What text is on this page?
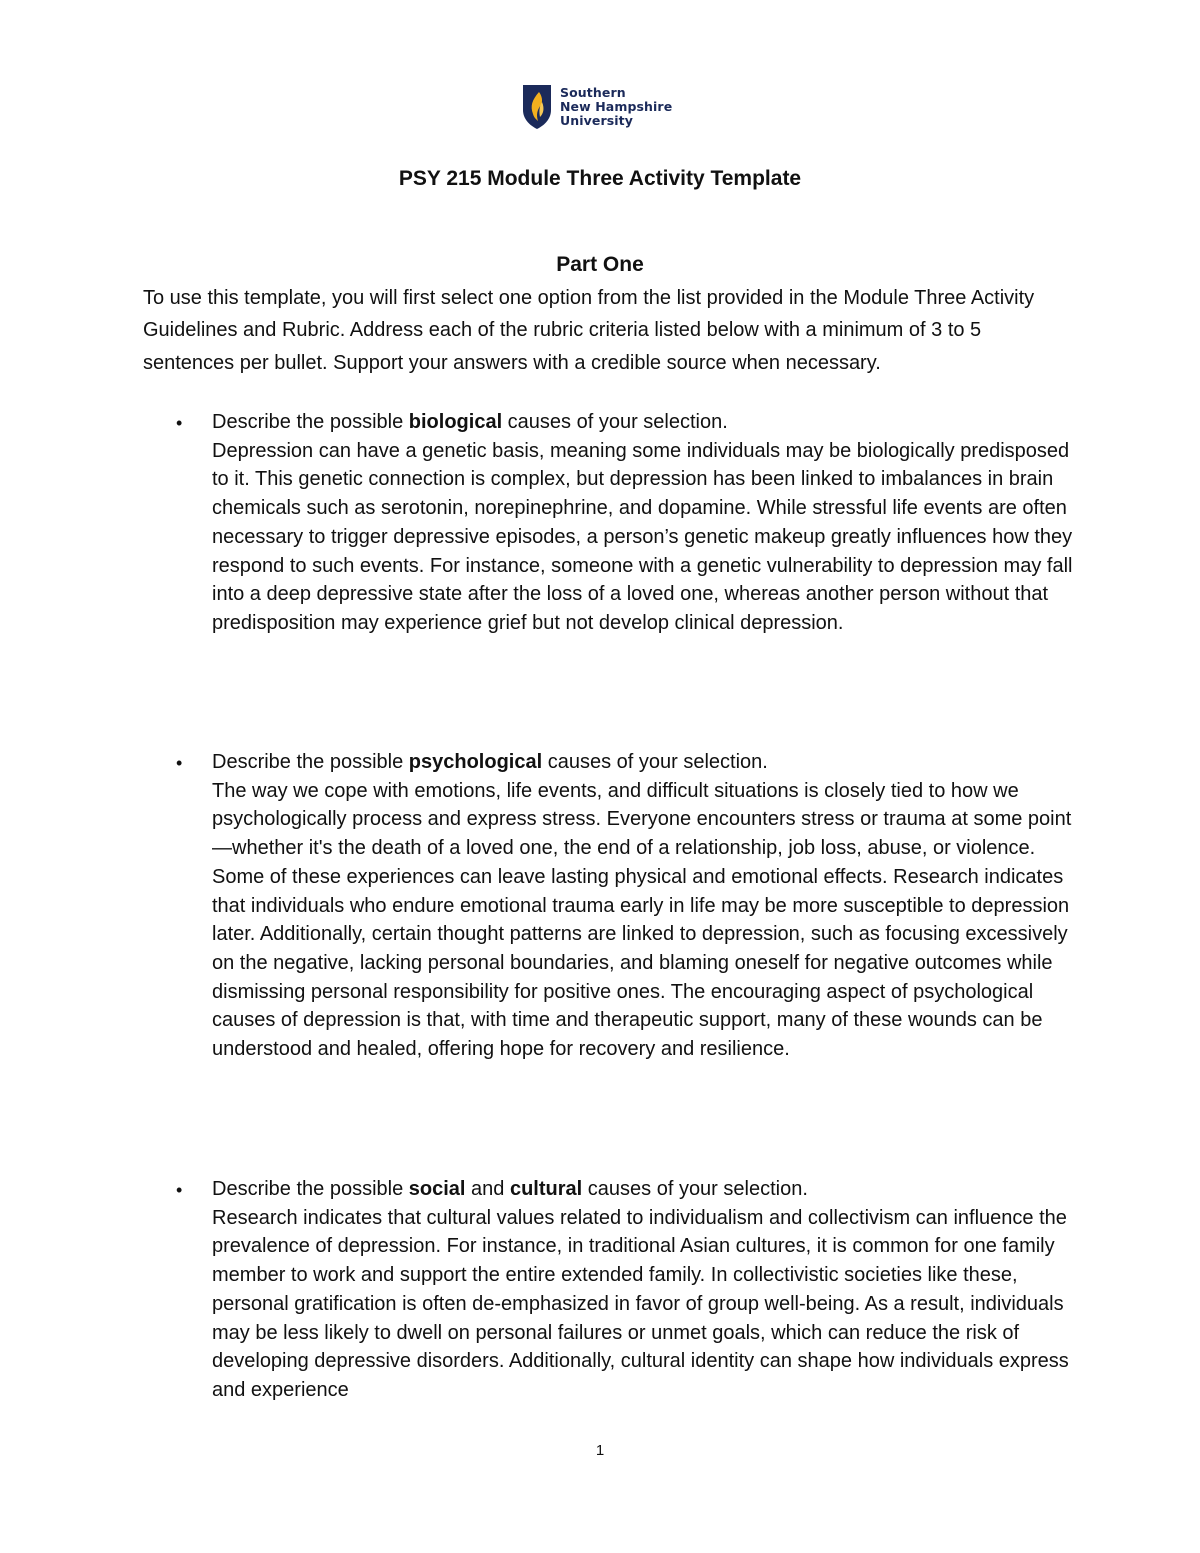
Southern
New Hampshire
University
PSY 215 Module Three Activity Template
Part One

To use this template, you will first select one option from the list provided in the Module Three Activity Guidelines and Rubric. Address each of the rubric criteria listed below with a minimum of 3 to 5 sentences per bullet. Support your answers with a credible source when necessary.

•	Describe the possible biological causes of your selection.
Depression can have a genetic basis, meaning some individuals may be biologically predisposed to it. This genetic connection is complex, but depression has been linked to imbalances in brain chemicals such as serotonin, norepinephrine, and dopamine. While stressful life events are often necessary to trigger depressive episodes, a person’s genetic makeup greatly influences how they respond to such events. For instance, someone with a genetic vulnerability to depression may fall into a deep depressive state after the loss of a loved one, whereas another person without that predisposition may experience grief but not develop clinical depression.
•	Describe the possible psychological causes of your selection.
The way we cope with emotions, life events, and difficult situations is closely tied to how we psychologically process and express stress. Everyone encounters stress or trauma at some point—whether it's the death of a loved one, the end of a relationship, job loss, abuse, or violence. Some of these experiences can leave lasting physical and emotional effects. Research indicates that individuals who endure emotional trauma early in life may be more susceptible to depression later. Additionally, certain thought patterns are linked to depression, such as focusing excessively on the negative, lacking personal boundaries, and blaming oneself for negative outcomes while dismissing personal responsibility for positive ones. The encouraging aspect of psychological causes of depression is that, with time and therapeutic support, many of these wounds can be understood and healed, offering hope for recovery and resilience.
•	Describe the possible social and cultural causes of your selection.
Research indicates that cultural values related to individualism and collectivism can influence the prevalence of depression. For instance, in traditional Asian cultures, it is common for one family member to work and support the entire extended family. In collectivistic societies like these, personal gratification is often de-emphasized in favor of group well-being. As a result, individuals may be less likely to dwell on personal failures or unmet goals, which can reduce the risk of developing depressive disorders. Additionally, cultural identity can shape how individuals express and experience
1
